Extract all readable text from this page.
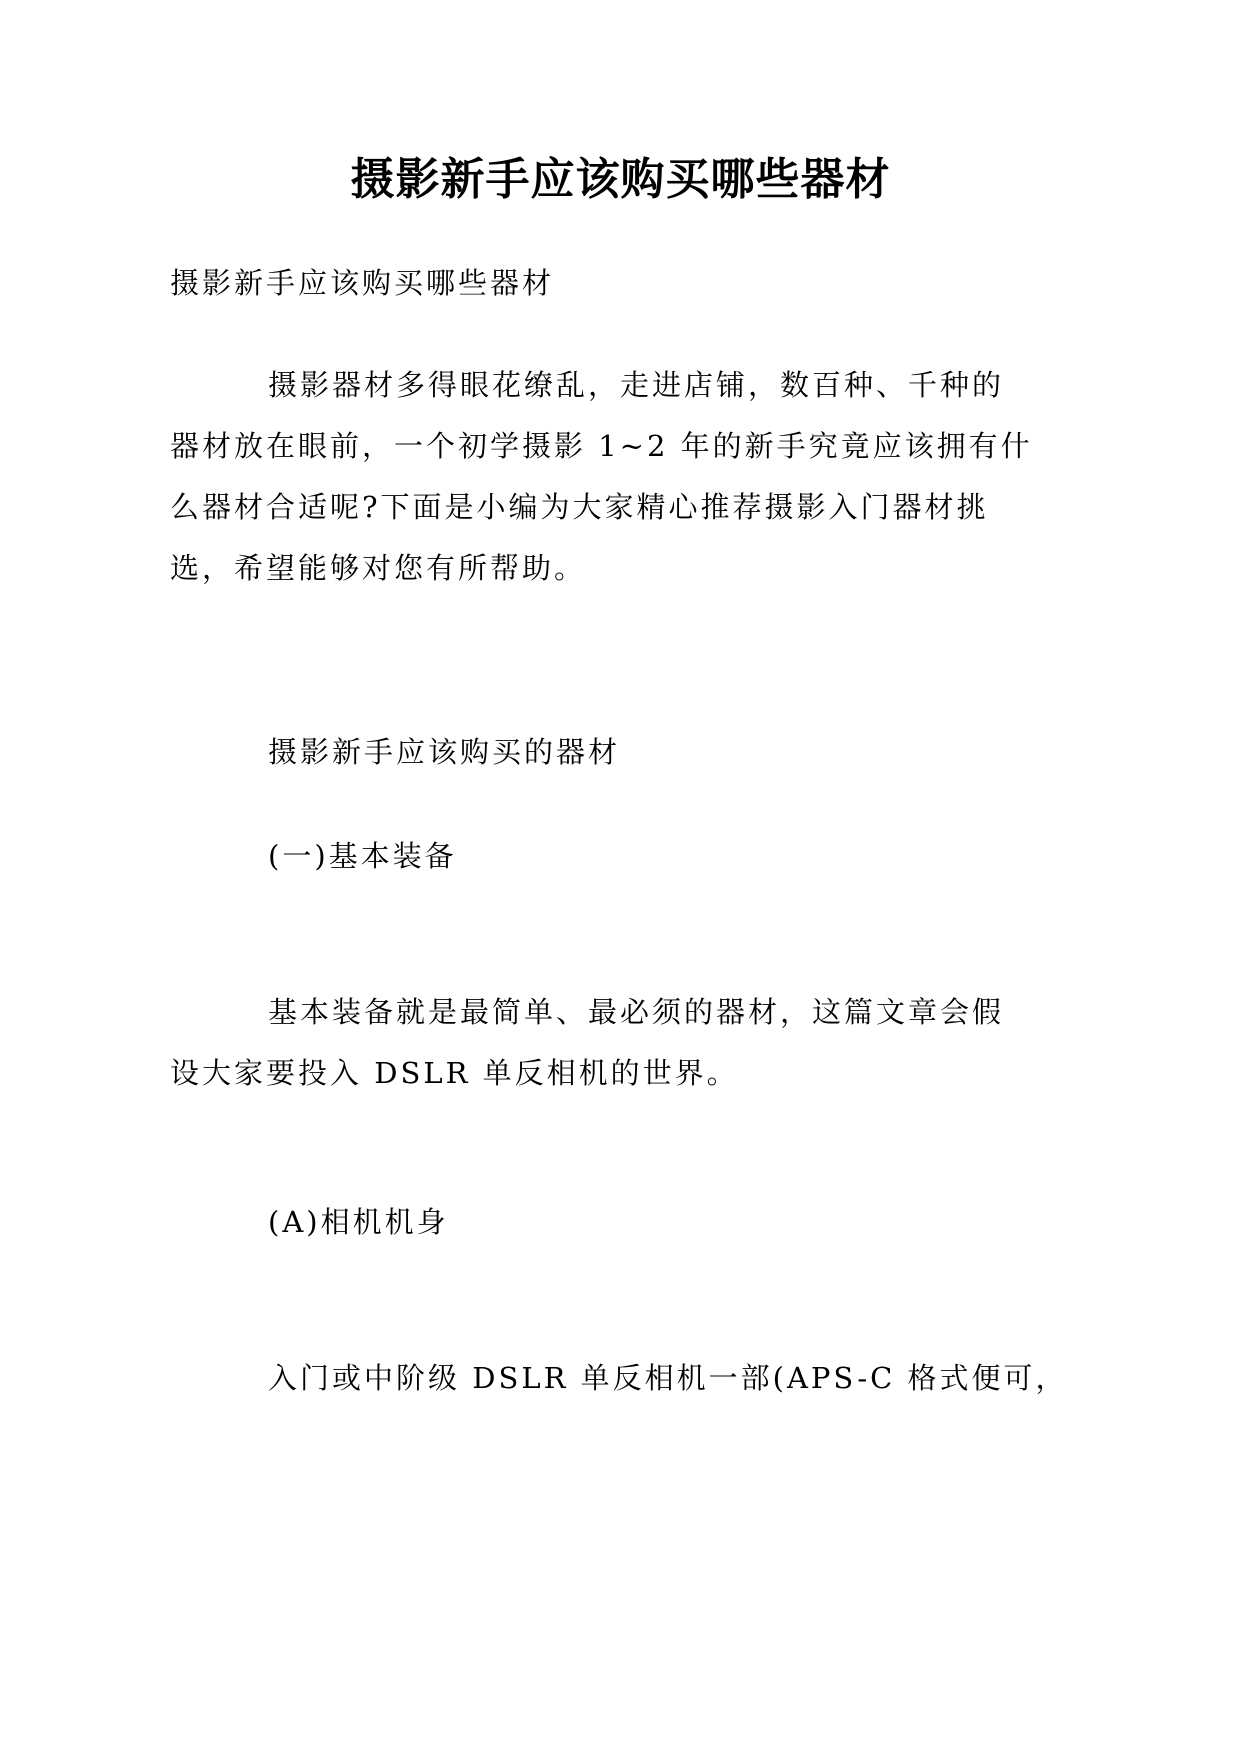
摄影新手应该购买哪些器材

摄影新手应该购买哪些器材

摄影器材多得眼花缭乱，走进店铺，数百种、千种的
器材放在眼前，一个初学摄影 1~2 年的新手究竟应该拥有什
么器材合适呢?下面是小编为大家精心推荐摄影入门器材挑
选，希望能够对您有所帮助。

摄影新手应该购买的器材

(一)基本装备

基本装备就是最简单、最必须的器材，这篇文章会假
设大家要投入 DSLR 单反相机的世界。

(A)相机机身

入门或中阶级 DSLR 单反相机一部(APS-C 格式便可，
